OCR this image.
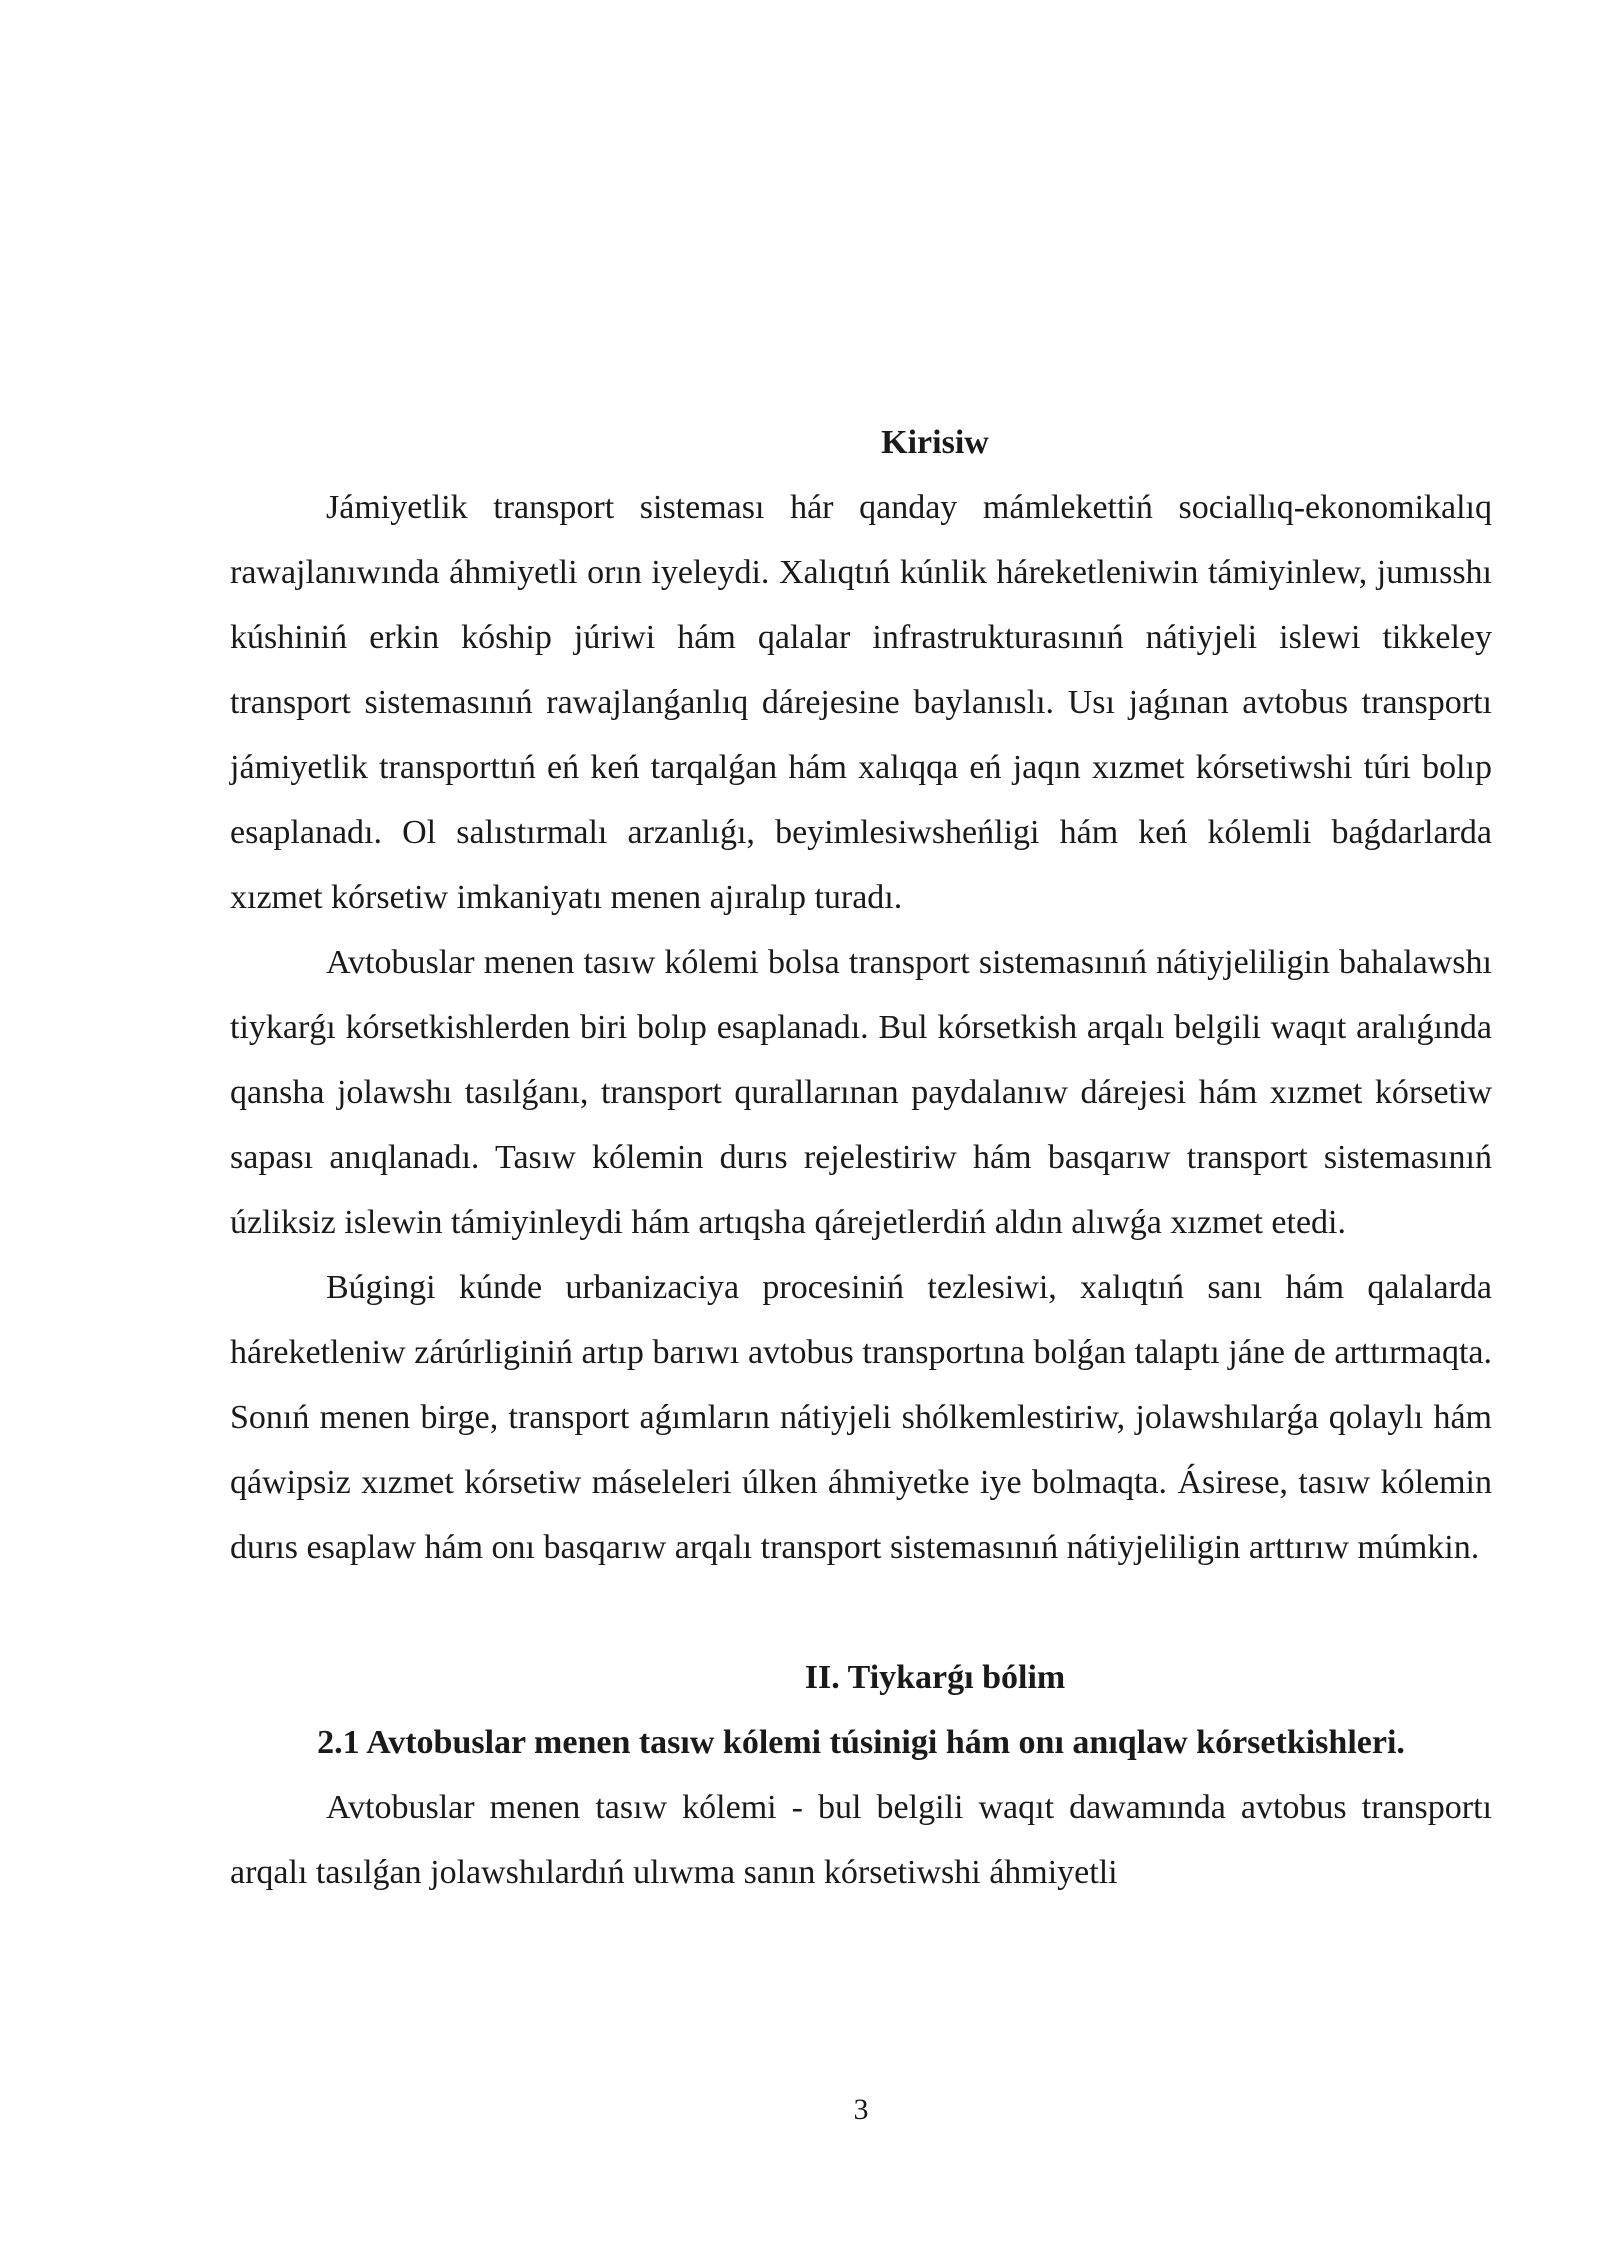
Kirisiw

Jámiyetlik transport sisteması hár qanday mámlekettiń sociallıq-ekonomikalıq rawajlanıwında áhmiyetli orın iyeleydi. Xalıqtıń kúnlik háreketleniwin támiyinlew, jumısshı kúshiniń erkin kóship júriwi hám qalalar infrastrukturasınıń nátiyjeli islewi tikkeley transport sistemasınıń rawajlanǵanlıq dárejesine baylanıslı. Usı jaǵınan avtobus transportı jámiyetlik transporttıń eń keń tarqalǵan hám xalıqqa eń jaqın xızmet kórsetiwshi túri bolıp esaplanadı. Ol salıstırmalı arzanlıǵı, beyimlesiwsheńligi hám keń kólemli baǵdarlarda xızmet kórsetiw imkaniyatı menen ajıralıp turadı.

Avtobuslar menen tasıw kólemi bolsa transport sistemasınıń nátiyjeliligin bahalawshı tiykarǵı kórsetkishlerden biri bolıp esaplanadı. Bul kórsetkish arqalı belgili waqıt aralıǵında qansha jolawshı tasılǵanı, transport qurallarınan paydalanıw dárejesi hám xızmet kórsetiw sapası anıqlanadı. Tasıw kólemin durıs rejelestiriw hám basqarıw transport sistemasınıń úzliksiz islewin támiyinleydi hám artıqsha qárejetlerdiń aldın alıwǵa xızmet etedi.

Búgingi kúnde urbanizaciya procesiniń tezlesiwi, xalıqtıń sanı hám qalalarda háreketleniw zárúrliginiń artıp barıwı avtobus transportına bolǵan talaptı jáne de arttırmaqta. Sonıń menen birge, transport aǵımların nátiyjeli shólkemlestiriw, jolawshılarǵa qolaylı hám qáwipsiz xızmet kórsetiw máseleleri úlken áhmiyetke iye bolmaqta. Ásirese, tasıw kólemin durıs esaplaw hám onı basqarıw arqalı transport sistemasınıń nátiyjeliligin arttırıw múmkin.

II. Tiykarǵı bólim

2.1 Avtobuslar menen tasıw kólemi túsinigi hám onı anıqlaw kórsetkishleri.

Avtobuslar menen tasıw kólemi - bul belgili waqıt dawamında avtobus transportı arqalı tasılǵan jolawshılardıń ulıwma sanın kórsetiwshi áhmiyetli

3
